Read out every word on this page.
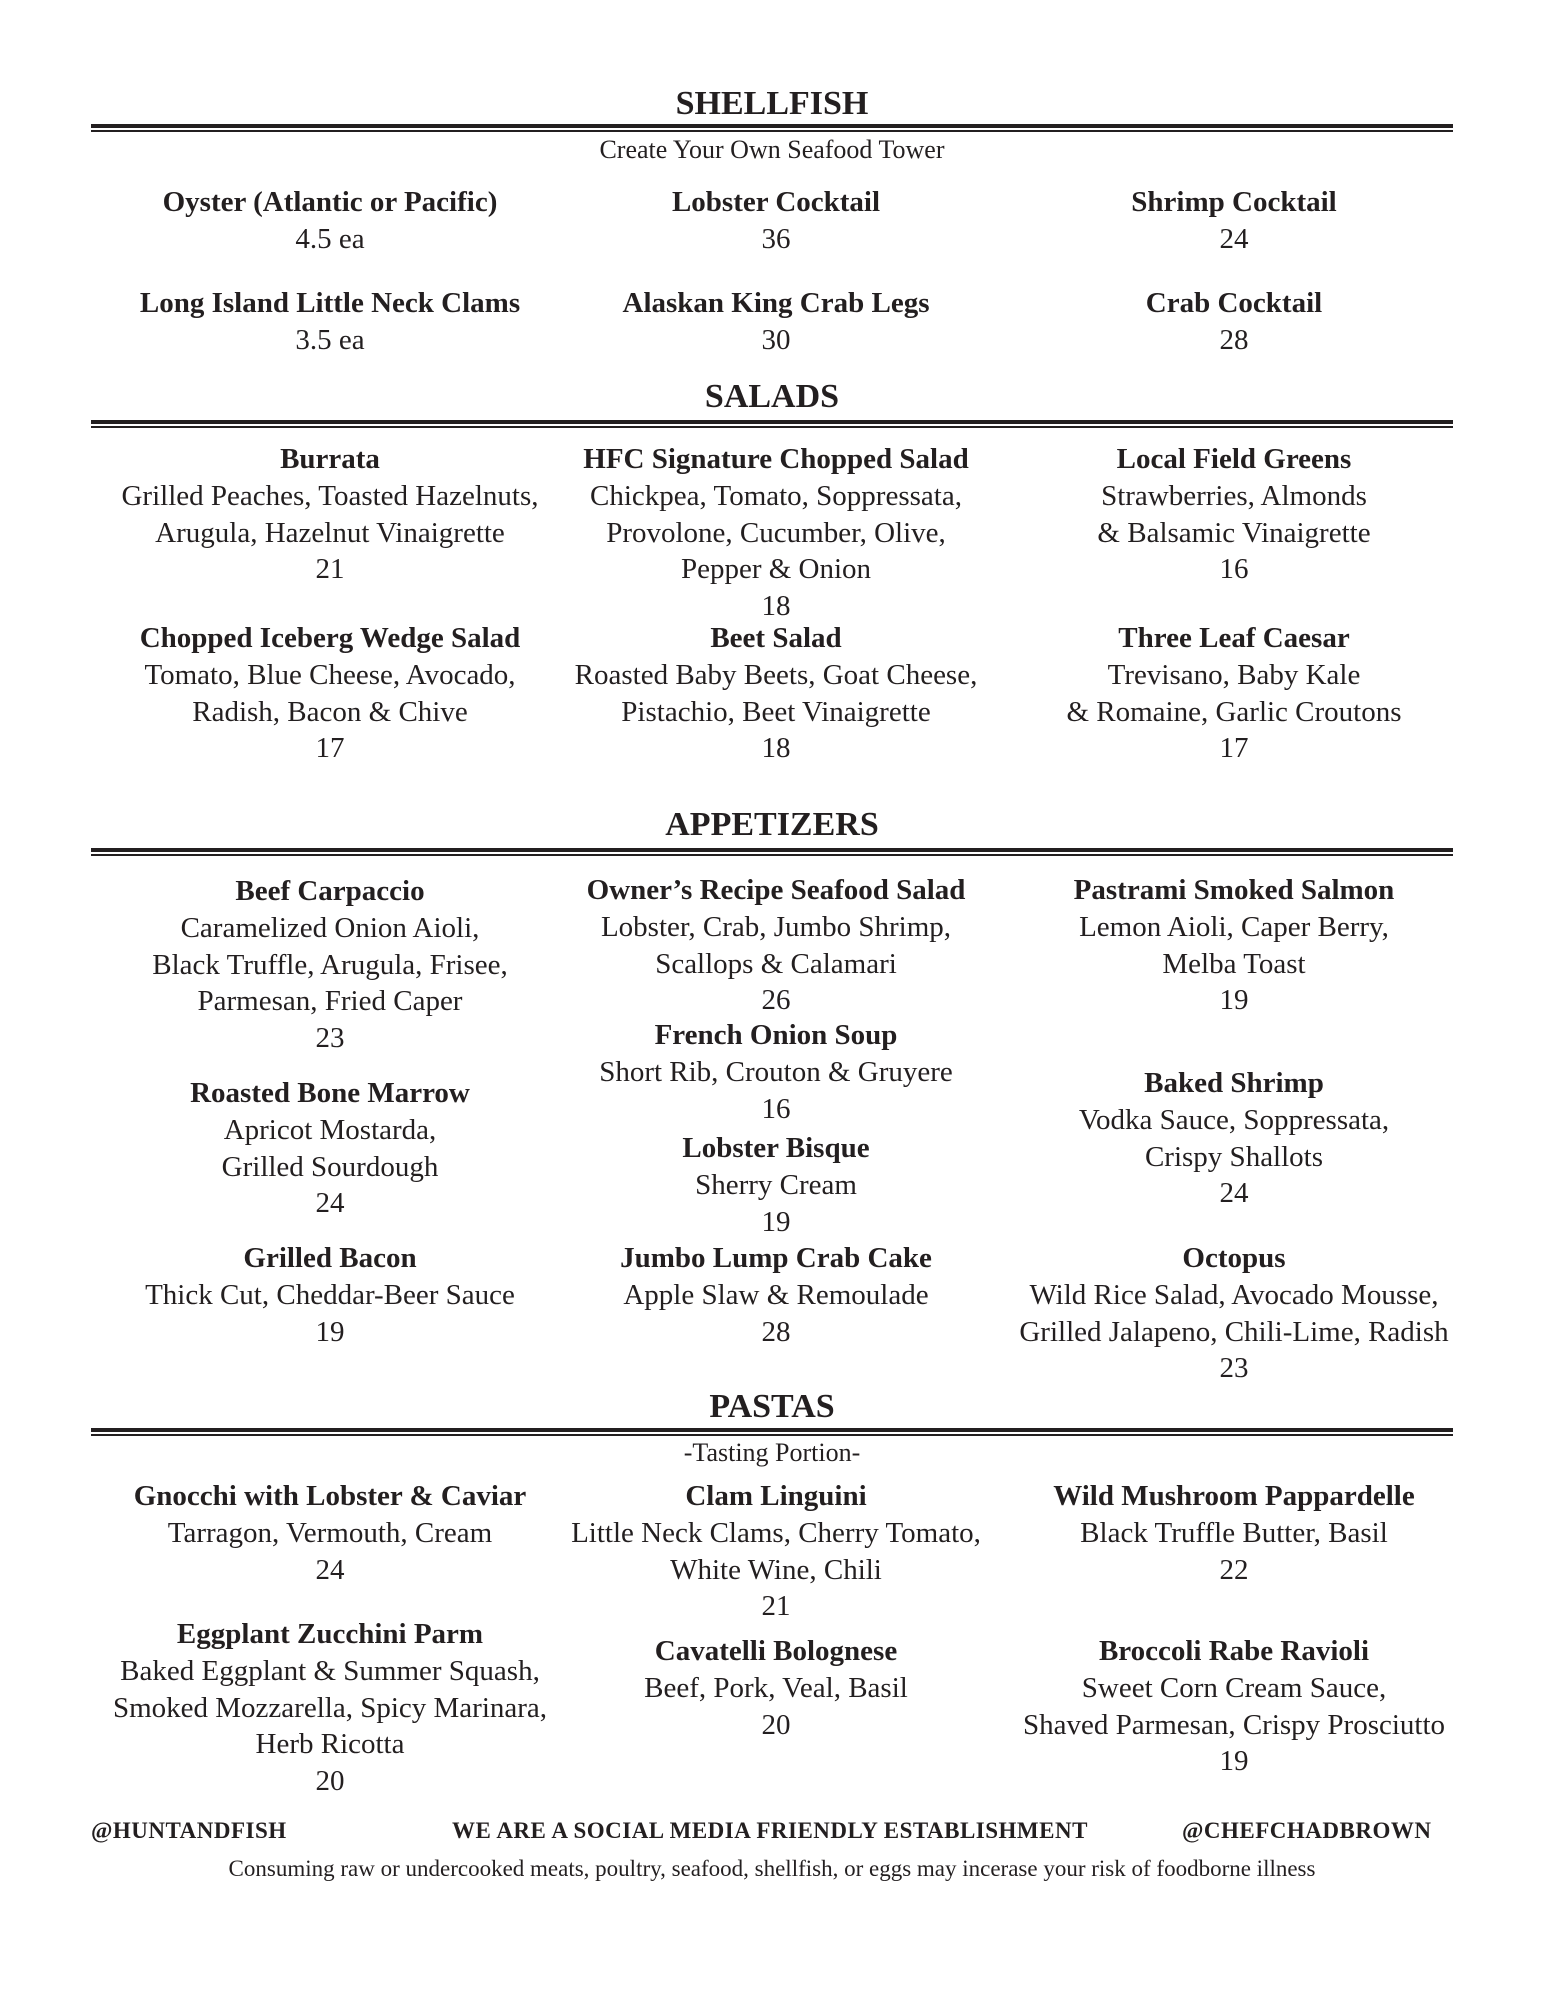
SHELLFISH
Create Your Own Seafood Tower
Oyster (Atlantic or Pacific)
4.5 ea
Lobster Cocktail
36
Shrimp Cocktail
24
Long Island Little Neck Clams
3.5 ea
Alaskan King Crab Legs
30
Crab Cocktail
28
SALADS
Burrata
Grilled Peaches, Toasted Hazelnuts,
Arugula, Hazelnut Vinaigrette
21
HFC Signature Chopped Salad
Chickpea, Tomato, Soppressata,
Provolone, Cucumber, Olive,
Pepper & Onion
18
Local Field Greens
Strawberries, Almonds
& Balsamic Vinaigrette
16
Chopped Iceberg Wedge Salad
Tomato, Blue Cheese, Avocado,
Radish, Bacon & Chive
17
Beet Salad
Roasted Baby Beets, Goat Cheese,
Pistachio, Beet Vinaigrette
18
Three Leaf Caesar
Trevisano, Baby Kale
& Romaine, Garlic Croutons
17
APPETIZERS
Beef Carpaccio
Caramelized Onion Aioli,
Black Truffle, Arugula, Frisee,
Parmesan, Fried Caper
23
Roasted Bone Marrow
Apricot Mostarda,
Grilled Sourdough
24
Grilled Bacon
Thick Cut, Cheddar-Beer Sauce
19
Owner’s Recipe Seafood Salad
Lobster, Crab, Jumbo Shrimp,
Scallops & Calamari
26
French Onion Soup
Short Rib, Crouton & Gruyere
16
Lobster Bisque
Sherry Cream
19
Jumbo Lump Crab Cake
Apple Slaw & Remoulade
28
Pastrami Smoked Salmon
Lemon Aioli, Caper Berry,
Melba Toast
19
Baked Shrimp
Vodka Sauce, Soppressata,
Crispy Shallots
24
Octopus
Wild Rice Salad, Avocado Mousse,
Grilled Jalapeno, Chili-Lime, Radish
23
PASTAS
-Tasting Portion-
Gnocchi with Lobster & Caviar
Tarragon, Vermouth, Cream
24
Clam Linguini
Little Neck Clams, Cherry Tomato,
White Wine, Chili
21
Wild Mushroom Pappardelle
Black Truffle Butter, Basil
22
Eggplant Zucchini Parm
Baked Eggplant & Summer Squash,
Smoked Mozzarella, Spicy Marinara,
Herb Ricotta
20
Cavatelli Bolognese
Beef, Pork, Veal, Basil
20
Broccoli Rabe Ravioli
Sweet Corn Cream Sauce,
Shaved Parmesan, Crispy Prosciutto
19
@HUNTANDFISH	WE ARE A SOCIAL MEDIA FRIENDLY ESTABLISHMENT	@CHEFCHADBROWN
Consuming raw or undercooked meats, poultry, seafood, shellfish, or eggs may incerase your risk of foodborne illness
